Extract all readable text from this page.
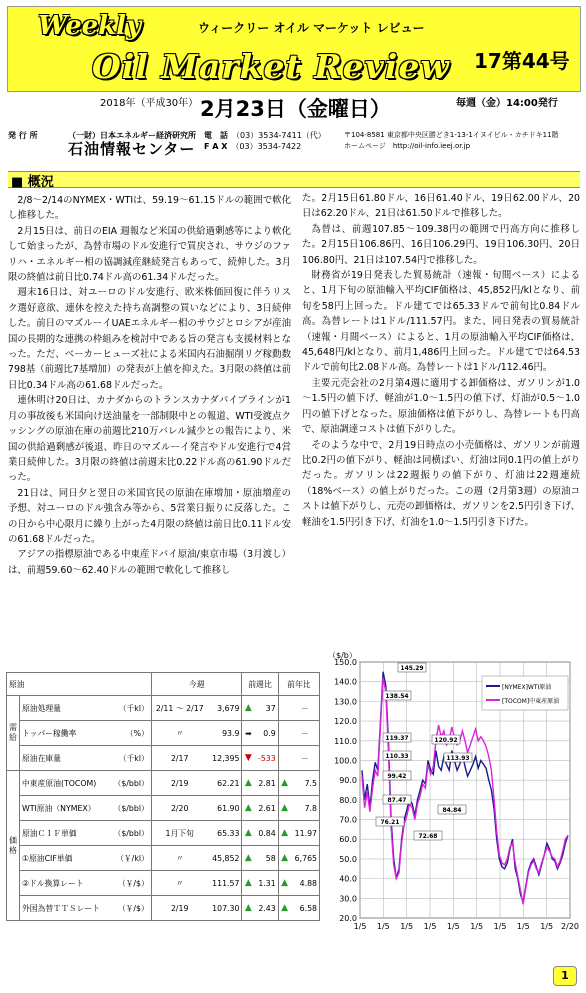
Weekly	ウィークリー オイル マーケット レビュー
Oil Market Review 17第44号
2018年（平成30年） 2月23日（金曜日）	毎週（金）14:00発行
発 行 所	（一財）日本エネルギー経済研究所
石油情報センター
電　話　 （03）3534-7411（代）
F A X　 （03）3534-7422
〒104-8581 東京都中央区勝どき1-13-1イヌイビル・カチドキ11階
ホームページ　http://oil-info.ieej.or.jp
■ 概況

2/8～2/14のNYMEX・WTIは、59.19～61.15ドルの範囲で軟化し推移した。

2月15日は、前日のEIA 週報など米国の供給過剰感等により軟化して始まったが、為替市場のドル安進行で買戻され、サウジのファリハ・エネルギー相の協調減産継続発言もあって、続伸した。3月限の終値は前日比0.74ドル高の61.34ドルだった。

週末16日は、対ユーロのドル安進行、欧米株価回復に伴うリスク選好意欲、連休を控えた持ち高調整の買いなどにより、3日続伸した。前日のマズルーイUAEエネルギー相のサウジとロシアが産油国の長期的な連携の枠組みを検討中である旨の発言も支援材料となった。ただ、ベーカーヒューズ社による米国内石油掘削リグ稼動数798基（前週比7基増加）の発表が上値を抑えた。3月限の終値は前日比0.34ドル高の61.68ドルだった。

連休明け20日は、カナダからのトランスカナダパイプラインが1月の事故後も米国向け送油量を一部制限中との報道、WTI受渡点クッシングの原油在庫の前週比210万バレル減少との報告により、米国の供給過剰感が後退、昨日のマズルーイ発言やドル安進行で4営業日続伸した。3月限の終値は前週末比0.22ドル高の61.90ドルだった。

21日は、同日夕と翌日の米国官民の原油在庫増加・原油増産の予想、対ユーロのドル強含み等から、5営業日振りに反落した。この日から中心限月に繰り上がった4月限の終値は前日比0.11ドル安の61.68ドルだった。

アジアの指標原油である中東産ドバイ原油/東京市場（3月渡し）は、前週59.60～62.40ドルの範囲で軟化して推移し

た。2月15日61.80ドル、16日61.40ドル、19日62.00ドル、20日は62.20ドル、21日は61.50ドルで推移した。

為替は、前週107.85～109.38円の範囲で円高方向に推移した。2月15日106.86円、16日106.29円、19日106.30円、20日106.80円、21日は107.54円で推移した。

財務省が19日発表した貿易統計（速報・旬間ベース）によると、1月下旬の原油輸入平均CIF価格は、45,852円/klとなり、前旬を58円上回った。ドル建てでは65.33ドルで前旬比0.84ドル高。為替レートは1ドル/111.57円。また、同日発表の貿易統計（速報・月間ベース）によると、1月の原油輸入平均CIF価格は、45,648円/klとなり、前月1,486円上回った。ドル建てでは64.53ドルで前旬比2.08ドル高。為替レートは1ドル/112.46円。

主要元売会社の2月第4週に適用する卸価格は、ガソリンが1.0～1.5円の値下げ、軽油が1.0～1.5円の値下げ、灯油が0.5～1.0円の値下げとなった。原油価格は値下がりし、為替レートも円高で、原油調達コストは値下がりした。

そのような中で、2月19日時点の小売価格は、ガソリンが前週比0.2円の値下がり、軽油は同横ばい、灯油は同0.1円の値上がりだった。ガソリンは22週振りの値下がり、灯油は22週連続（18%ベース）の値上がりだった。この週（2月第3週）の原油コストは値下がりし、元売の卸価格は、ガソリンを2.5円引き下げ、軽油を1.5円引き下げ、灯油を1.0～1.5円引き下げた。

原油			今週		前週比		前年比	
需給	原油処理量	（千kl）	2/11 ～ 2/17	3,679	▲	37		－
	トッパー稼働率	（%）	〃	93.9	➡	0.9		－
	原油在庫量	（千kl）	2/17	12,395	▼	-533		－
価格	中東産原油(TOCOM)	（$/bbl）	2/19	62.21	▲	2.81	▲	7.5
	WTI原油（NYMEX）	（$/bbl）	2/20	61.90	▲	2.61	▲	7.8
	原油ＣＩＦ単価	（$/bbl）	1月下旬	65.33	▲	0.84	▲	11.97
	①原油CIF単価	（￥/kl）	〃	45,852	▲	58	▲	6,765
	②ドル換算レート	（￥/$）	〃	111.57	▲	1.31	▲	4.88
	外国為替ＴＴＳレート	（￥/$）	2/19	107.30	▲	2.43	▲	6.58
（$/b）
150.0
140.0
130.0
120.0
110.0
100.0
90.0
80.0
70.0
60.0
50.0
40.0
30.0
20.0
1/5 1/5 1/5 1/5 1/5 1/5 1/5 1/5 1/5 2/20
[NYMEX]WTI原油
[TOCOM]中東産原油
145.29
138.54
119.37
110.33
99.42
87.47
76.21
120.92
113.93
84.84
72.68
1
